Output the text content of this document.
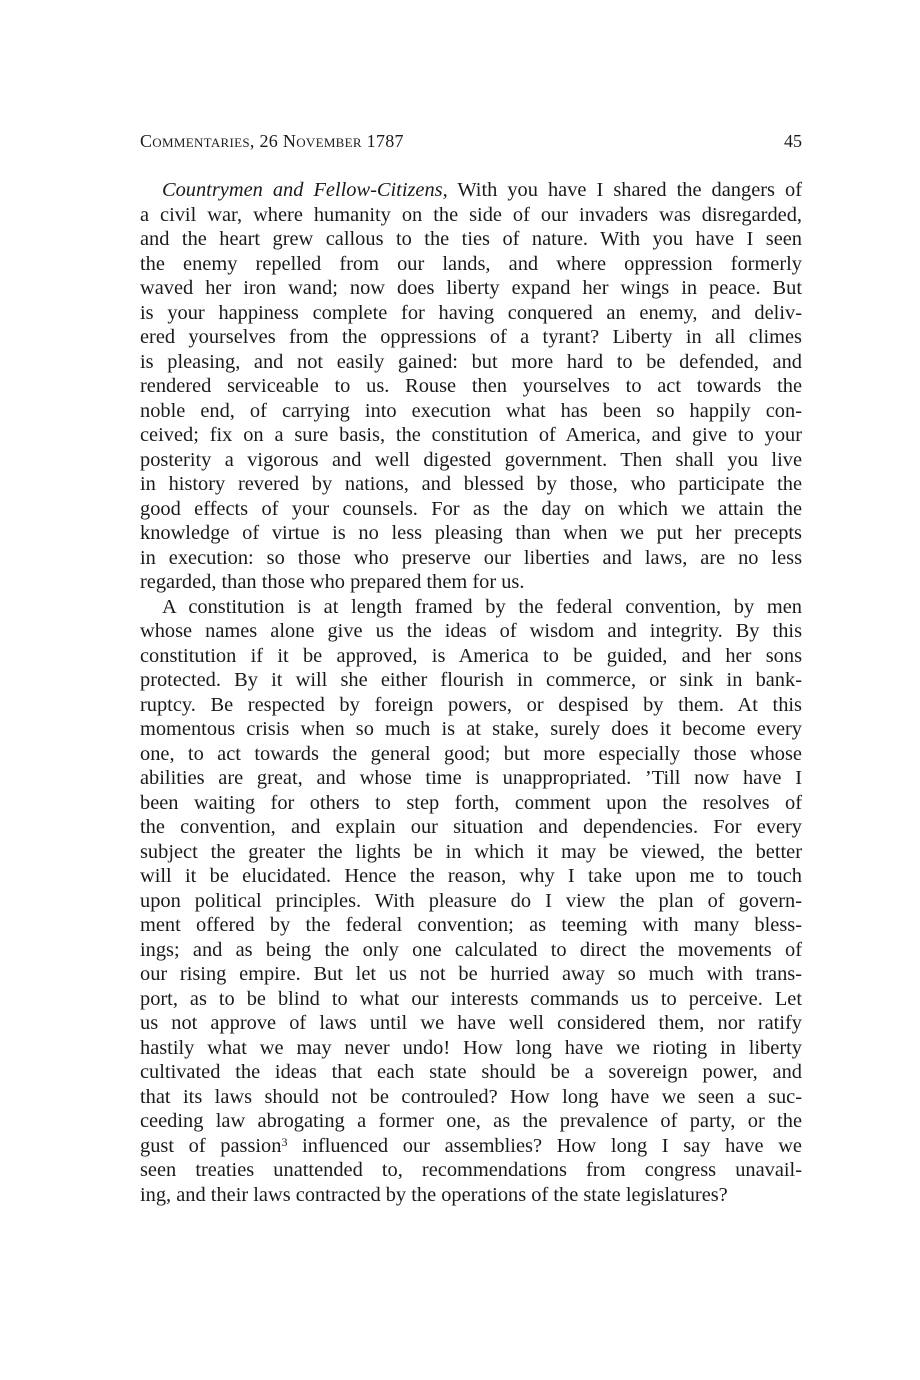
Commentaries, 26 November 1787	45
Countrymen and Fellow-Citizens, With you have I shared the dangers of
a civil war, where humanity on the side of our invaders was disregarded,
and the heart grew callous to the ties of nature. With you have I seen
the enemy repelled from our lands, and where oppression formerly
waved her iron wand; now does liberty expand her wings in peace. But
is your happiness complete for having conquered an enemy, and deliv-
ered yourselves from the oppressions of a tyrant? Liberty in all climes
is pleasing, and not easily gained: but more hard to be defended, and
rendered serviceable to us. Rouse then yourselves to act towards the
noble end, of carrying into execution what has been so happily con-
ceived; fix on a sure basis, the constitution of America, and give to your
posterity a vigorous and well digested government. Then shall you live
in history revered by nations, and blessed by those, who participate the
good effects of your counsels. For as the day on which we attain the
knowledge of virtue is no less pleasing than when we put her precepts
in execution: so those who preserve our liberties and laws, are no less
regarded, than those who prepared them for us.
A constitution is at length framed by the federal convention, by men
whose names alone give us the ideas of wisdom and integrity. By this
constitution if it be approved, is America to be guided, and her sons
protected. By it will she either flourish in commerce, or sink in bank-
ruptcy. Be respected by foreign powers, or despised by them. At this
momentous crisis when so much is at stake, surely does it become every
one, to act towards the general good; but more especially those whose
abilities are great, and whose time is unappropriated. ’Till now have I
been waiting for others to step forth, comment upon the resolves of
the convention, and explain our situation and dependencies. For every
subject the greater the lights be in which it may be viewed, the better
will it be elucidated. Hence the reason, why I take upon me to touch
upon political principles. With pleasure do I view the plan of govern-
ment offered by the federal convention; as teeming with many bless-
ings; and as being the only one calculated to direct the movements of
our rising empire. But let us not be hurried away so much with trans-
port, as to be blind to what our interests commands us to perceive. Let
us not approve of laws until we have well considered them, nor ratify
hastily what we may never undo! How long have we rioting in liberty
cultivated the ideas that each state should be a sovereign power, and
that its laws should not be controuled? How long have we seen a suc-
ceeding law abrogating a former one, as the prevalence of party, or the
gust of passion$^3$ influenced our assemblies? How long I say have we
seen treaties unattended to, recommendations from congress unavail-
ing, and their laws contracted by the operations of the state legislatures?
